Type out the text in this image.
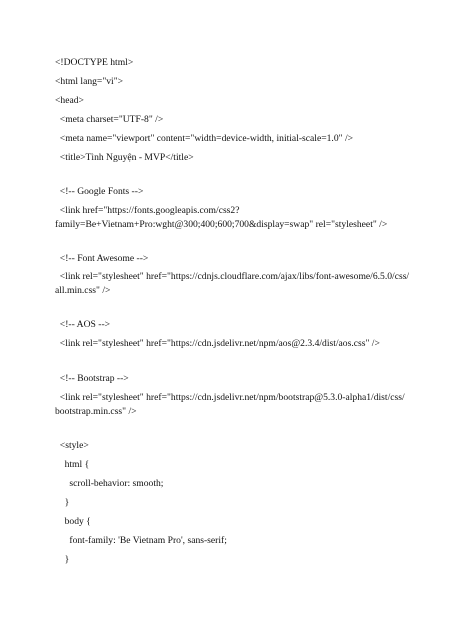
<!DOCTYPE html>
<html lang="vi">
<head>
<meta charset="UTF-8" />
<meta name="viewport" content="width=device-width, initial-scale=1.0" />
<title>Tình Nguyện - MVP</title>
<!-- Google Fonts -->
<link href="https://fonts.googleapis.com/css2?
family=Be+Vietnam+Pro:wght@300;400;600;700&display=swap" rel="stylesheet" />
<!-- Font Awesome -->
<link rel="stylesheet" href="https://cdnjs.cloudflare.com/ajax/libs/font-awesome/6.5.0/css/
all.min.css" />
<!-- AOS -->
<link rel="stylesheet" href="https://cdn.jsdelivr.net/npm/aos@2.3.4/dist/aos.css" />
<!-- Bootstrap -->
<link rel="stylesheet" href="https://cdn.jsdelivr.net/npm/bootstrap@5.3.0-alpha1/dist/css/
bootstrap.min.css" />
<style>
html {
scroll-behavior: smooth;
}
body {
font-family: 'Be Vietnam Pro', sans-serif;
}
